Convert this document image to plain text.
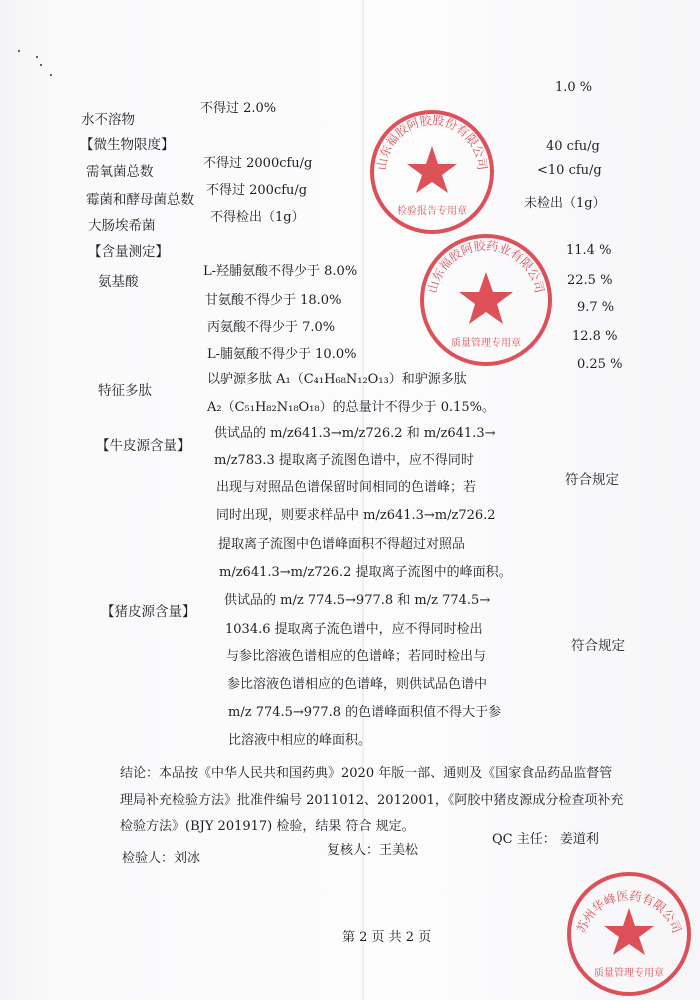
1.0 %
水不溶物
不得过 2.0%
【微生物限度】
需氧菌总数
不得过 2000cfu/g
40 cfu/g
霉菌和酵母菌总数
不得过 200cfu/g
<10 cfu/g
大肠埃希菌
不得检出（1g）
未检出（1g）
【含量测定】
氨基酸
L-羟脯氨酸不得少于 8.0%
11.4 %
甘氨酸不得少于 18.0%
22.5 %
丙氨酸不得少于 7.0%
9.7 %
L-脯氨酸不得少于 10.0%
12.8 %
0.25 %
特征多肽
以驴源多肽 A₁（C₄₁H₆₈N₁₂O₁₃）和驴源多肽
A₂（C₅₁H₈₂N₁₈O₁₈）的总量计不得少于 0.15%。
【牛皮源含量】
供试品的 m/z641.3→m/z726.2 和 m/z641.3→
m/z783.3 提取离子流图色谱中，应不得同时
出现与对照品色谱保留时间相同的色谱峰；若
同时出现，则要求样品中 m/z641.3→m/z726.2
提取离子流图中色谱峰面积不得超过对照品
m/z641.3→m/z726.2 提取离子流图中的峰面积。
符合规定
【猪皮源含量】
供试品的 m/z 774.5→977.8 和 m/z 774.5→
1034.6 提取离子流色谱中，应不得同时检出
与参比溶液色谱相应的色谱峰；若同时检出与
参比溶液色谱相应的色谱峰，则供试品色谱中
m/z 774.5→977.8 的色谱峰面积值不得大于参
比溶液中相应的峰面积。
符合规定
结论：本品按《中华人民共和国药典》2020 年版一部、通则及《国家食品药品监督管
理局补充检验方法》批准件编号 2011012、2012001，《阿胶中猪皮源成分检查项补充
检验方法》(BJY 201917) 检验，结果 符合 规定。
检验人：刘冰
复核人：王美松
QC 主任： 姜道利
第 2 页 共 2 页
山东福胶阿胶股份有限公司
检验报告专用章
山东福胶阿胶药业有限公司
质量管理专用章
苏州华峰医药有限公司
质量管理专用章
